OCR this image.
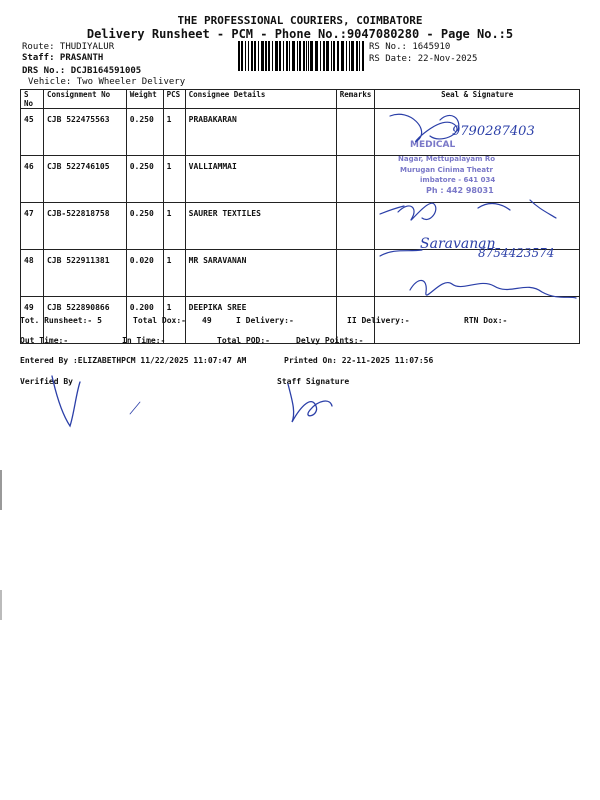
THE PROFESSIONAL COURIERS, COIMBATORE
Delivery Runsheet - PCM - Phone No.:9047080280 - Page No.:5
Route: THUDIYALUR
Staff: PRASANTH
DRS No.: DCJB164591005
Vehicle: Two Wheeler Delivery
RS No.: 1645910
RS Date: 22-Nov-2025
S No	Consignment No	Weight	PCS	Consignee Details	Remarks	Seal & Signature
45	CJB 522475563	0.250	1	PRABAKARAN		
46	CJB 522746105	0.250	1	VALLIAMMAI		
47	CJB-522818758	0.250	1	SAURER TEXTILES		
48	CJB 522911381	0.020	1	MR SARAVANAN		
49	CJB 522890866	0.200	1	DEEPIKA SREE		
9790287403
MEDICAL
Nagar, Mettupalayam Ro
Murugan Cinima Theatr
imbatore - 641 034
Ph : 442 98031
Saravanan
8754423574
Tot. Runsheet:- 5	Total Dox:- 49	I Delivery:-	II Delivery:-	RTN Dox:-
Out Time:-	In Time:-	Total POD:-	Delvy Points:-
Entered By :ELIZABETHPCM 11/22/2025 11:07:47 AM	Printed On: 22-11-2025 11:07:56
Verified By	Staff Signature
